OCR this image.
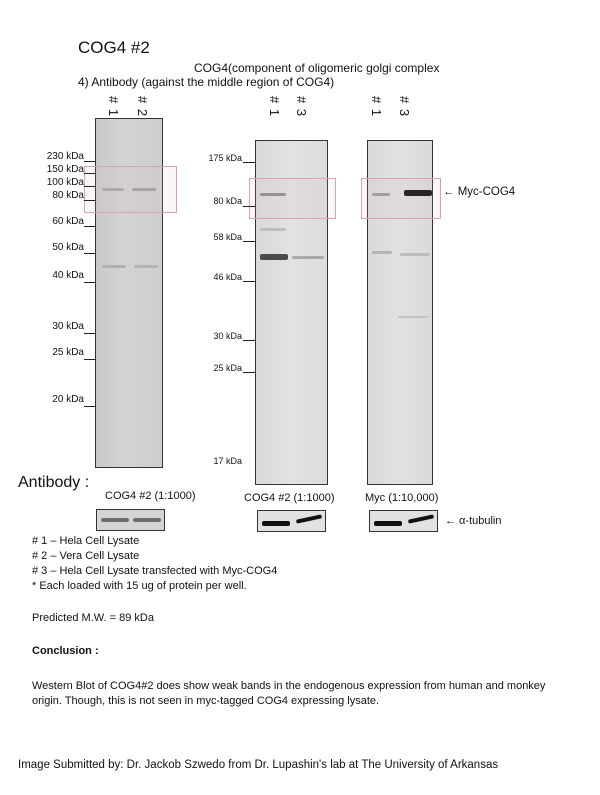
COG4 #2
COG4(component of oligomeric golgi complex
4) Antibody (against the middle region of COG4)
# 1 # 2	# 1 # 3	# 1 # 3
230 kDa
150 kDa
100 kDa
80 kDa
60 kDa
50 kDa
40 kDa
30 kDa
25 kDa
20 kDa
175 kDa
80 kDa
58 kDa
46 kDa
30 kDa
25 kDa
17 kDa
← Myc-COG4
Antibody :
COG4 #2 (1:1000)	COG4 #2 (1:1000)	Myc (1:10,000)
← α-tubulin
# 1 – Hela Cell Lysate
# 2 – Vera Cell Lysate
# 3 – Hela Cell Lysate transfected with Myc-COG4
* Each loaded with 15 ug of protein per well.
Predicted M.W. = 89 kDa
Conclusion :
Western Blot of COG4#2 does show weak bands in the endogenous expression from human and monkey origin. Though, this is not seen in myc-tagged COG4 expressing lysate.
Image Submitted by: Dr. Jackob Szwedo from Dr. Lupashin's lab at The University of Arkansas
